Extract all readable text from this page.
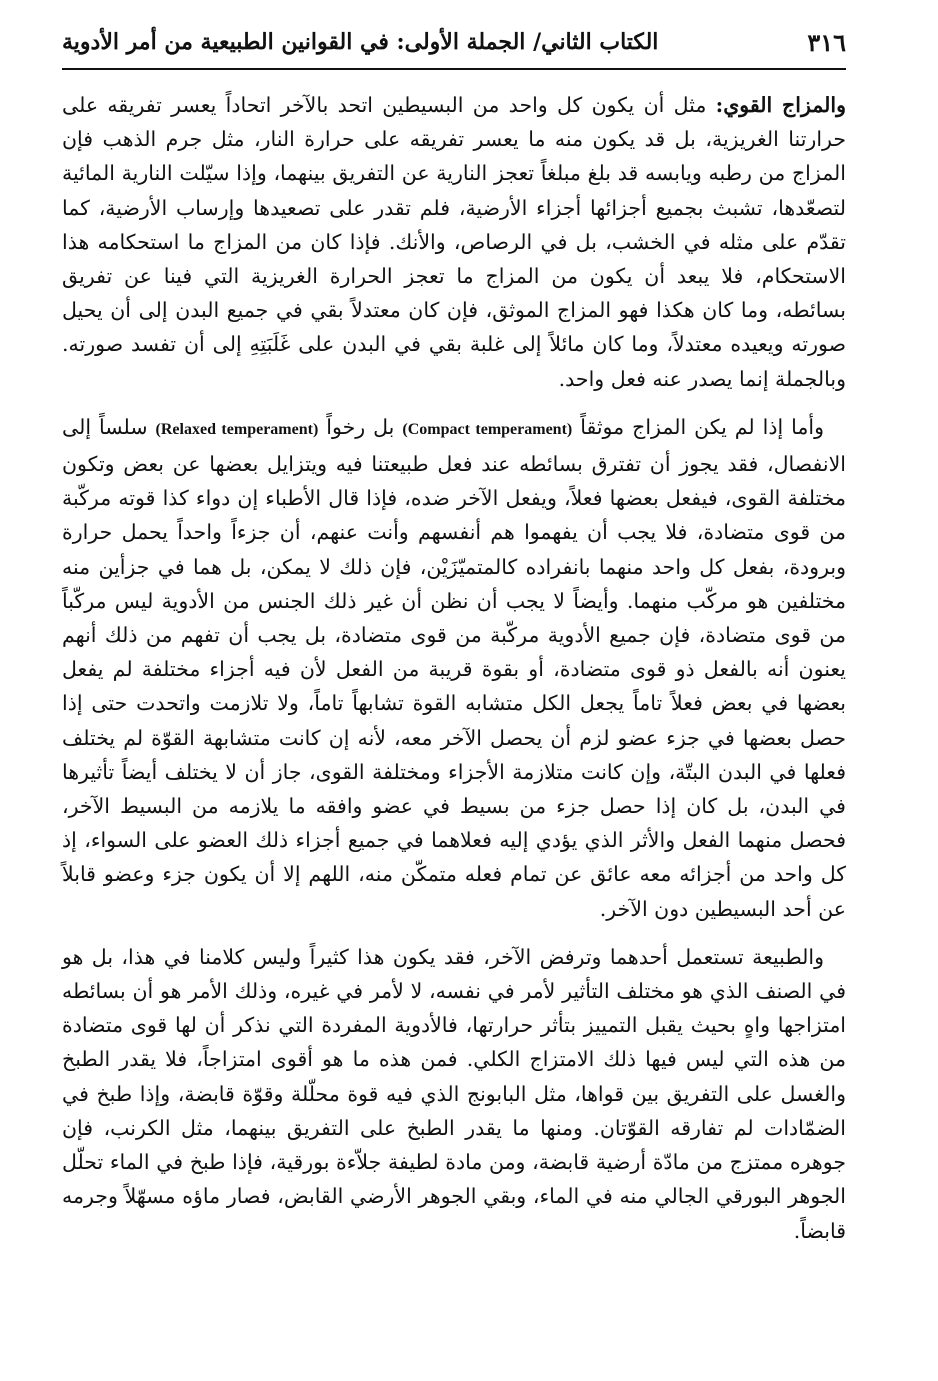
٣١٦
الكتاب الثاني/ الجملة الأولى: في القوانين الطبيعية من أمر الأدوية

والمزاج القوي: مثل أن يكون كل واحد من البسيطين اتحد بالآخر اتحاداً يعسر تفريقه على حرارتنا الغريزية، بل قد يكون منه ما يعسر تفريقه على حرارة النار، مثل جرم الذهب فإن المزاج من رطبه ويابسه قد بلغ مبلغاً تعجز النارية عن التفريق بينهما، وإذا سيّلت النارية المائية لتصعّدها، تشبث بجميع أجزائها أجزاء الأرضية، فلم تقدر على تصعيدها وإرساب الأرضية، كما تقدّم على مثله في الخشب، بل في الرصاص، والأنك. فإذا كان من المزاج ما استحكامه هذا الاستحكام، فلا يبعد أن يكون من المزاج ما تعجز الحرارة الغريزية التي فينا عن تفريق بسائطه، وما كان هكذا فهو المزاج الموثق، فإن كان معتدلاً بقي في جميع البدن إلى أن يحيل صورته ويعيده معتدلاً، وما كان مائلاً إلى غلبة بقي في البدن على غَلَبَتِهِ إلى أن تفسد صورته. وبالجملة إنما يصدر عنه فعل واحد.

وأما إذا لم يكن المزاج موثقاً (Compact temperament) بل رخواً (Relaxed temperament) سلساً إلى الانفصال، فقد يجوز أن تفترق بسائطه عند فعل طبيعتنا فيه ويتزايل بعضها عن بعض وتكون مختلفة القوى، فيفعل بعضها فعلاً، ويفعل الآخر ضده، فإذا قال الأطباء إن دواء كذا قوته مركّبة من قوى متضادة، فلا يجب أن يفهموا هم أنفسهم وأنت عنهم، أن جزءاً واحداً يحمل حرارة وبرودة، بفعل كل واحد منهما بانفراده كالمتميّزَيْن، فإن ذلك لا يمكن، بل هما في جزأين منه مختلفين هو مركّب منهما. وأيضاً لا يجب أن نظن أن غير ذلك الجنس من الأدوية ليس مركّباً من قوى متضادة، فإن جميع الأدوية مركّبة من قوى متضادة، بل يجب أن تفهم من ذلك أنهم يعنون أنه بالفعل ذو قوى متضادة، أو بقوة قريبة من الفعل لأن فيه أجزاء مختلفة لم يفعل بعضها في بعض فعلاً تاماً يجعل الكل متشابه القوة تشابهاً تاماً، ولا تلازمت واتحدت حتى إذا حصل بعضها في جزء عضو لزم أن يحصل الآخر معه، لأنه إن كانت متشابهة القوّة لم يختلف فعلها في البدن البتّة، وإن كانت متلازمة الأجزاء ومختلفة القوى، جاز أن لا يختلف أيضاً تأثيرها في البدن، بل كان إذا حصل جزء من بسيط في عضو وافقه ما يلازمه من البسيط الآخر، فحصل منهما الفعل والأثر الذي يؤدي إليه فعلاهما في جميع أجزاء ذلك العضو على السواء، إذ كل واحد من أجزائه معه عائق عن تمام فعله متمكّن منه، اللهم إلا أن يكون جزء وعضو قابلاً عن أحد البسيطين دون الآخر.

والطبيعة تستعمل أحدهما وترفض الآخر، فقد يكون هذا كثيراً وليس كلامنا في هذا، بل هو في الصنف الذي هو مختلف التأثير لأمر في نفسه، لا لأمر في غيره، وذلك الأمر هو أن بسائطه امتزاجها واهٍ بحيث يقبل التمييز بتأثر حرارتها، فالأدوية المفردة التي نذكر أن لها قوى متضادة من هذه التي ليس فيها ذلك الامتزاج الكلي. فمن هذه ما هو أقوى امتزاجاً، فلا يقدر الطبخ والغسل على التفريق بين قواها، مثل البابونج الذي فيه قوة محلّلة وقوّة قابضة، وإذا طبخ في الضمّادات لم تفارقه القوّتان. ومنها ما يقدر الطبخ على التفريق بينهما، مثل الكرنب، فإن جوهره ممتزج من مادّة أرضية قابضة، ومن مادة لطيفة جلاّءة بورقية، فإذا طبخ في الماء تحلّل الجوهر البورقي الجالي منه في الماء، وبقي الجوهر الأرضي القابض، فصار ماؤه مسهّلاً وجرمه قابضاً.
